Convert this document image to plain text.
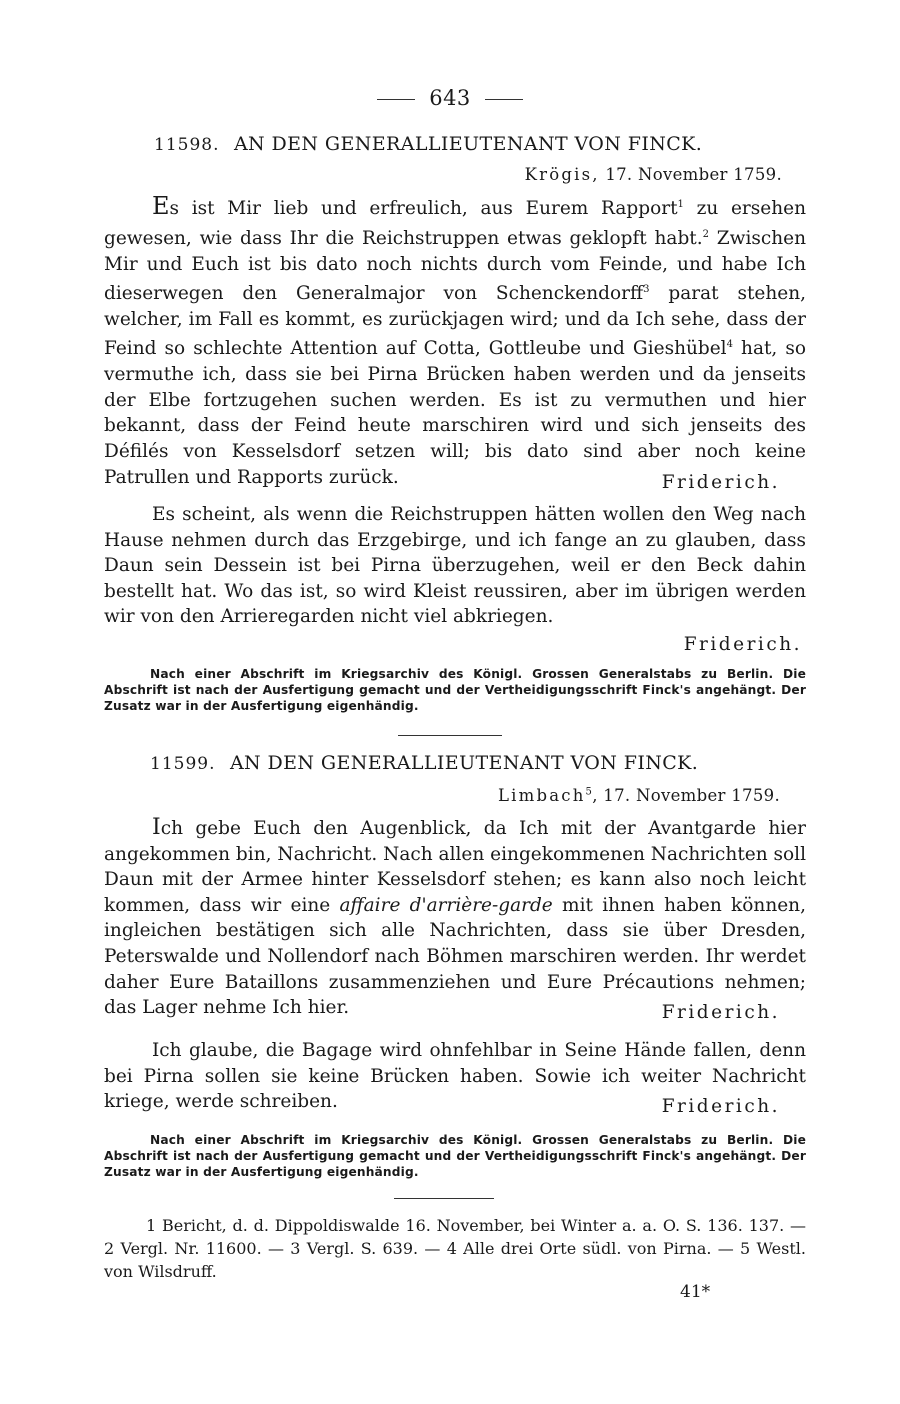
643
11598. AN DEN GENERALLIEUTENANT VON FINCK.
Krögis, 17. November 1759.
Es ist Mir lieb und erfreulich, aus Eurem Rapport$^1$ zu ersehen gewesen, wie dass Ihr die Reichstruppen etwas geklopft habt.$^2$ Zwischen Mir und Euch ist bis dato noch nichts durch vom Feinde, und habe Ich dieserwegen den Generalmajor von Schenckendorff$^3$ parat stehen, welcher, im Fall es kommt, es zurückjagen wird; und da Ich sehe, dass der Feind so schlechte Attention auf Cotta, Gottleube und Gieshübel$^4$ hat, so vermuthe ich, dass sie bei Pirna Brücken haben werden und da jenseits der Elbe fortzugehen suchen werden. Es ist zu vermuthen und hier bekannt, dass der Feind heute marschiren wird und sich jenseits des Défilés von Kesselsdorf setzen will; bis dato sind aber noch keine Patrullen und Rapports zurück.	Friderich.
Es scheint, als wenn die Reichstruppen hätten wollen den Weg nach Hause nehmen durch das Erzgebirge, und ich fange an zu glauben, dass Daun sein Dessein ist bei Pirna überzugehen, weil er den Beck dahin bestellt hat. Wo das ist, so wird Kleist reussiren, aber im übrigen werden wir von den Arrieregarden nicht viel abkriegen.
Friderich.
Nach einer Abschrift im Kriegsarchiv des Königl. Grossen Generalstabs zu Berlin. Die Abschrift ist nach der Ausfertigung gemacht und der Vertheidigungsschrift Finck's angehängt. Der Zusatz war in der Ausfertigung eigenhändig.
11599. AN DEN GENERALLIEUTENANT VON FINCK.
Limbach$^5$, 17. November 1759.
Ich gebe Euch den Augenblick, da Ich mit der Avantgarde hier angekommen bin, Nachricht. Nach allen eingekommenen Nachrichten soll Daun mit der Armee hinter Kesselsdorf stehen; es kann also noch leicht kommen, dass wir eine affaire d'arrière-garde mit ihnen haben können, ingleichen bestätigen sich alle Nachrichten, dass sie über Dresden, Peterswalde und Nollendorf nach Böhmen marschiren werden. Ihr werdet daher Eure Bataillons zusammenziehen und Eure Précautions nehmen; das Lager nehme Ich hier.	Friderich.
Ich glaube, die Bagage wird ohnfehlbar in Seine Hände fallen, denn bei Pirna sollen sie keine Brücken haben. Sowie ich weiter Nachricht kriege, werde schreiben.	Friderich.
Nach einer Abschrift im Kriegsarchiv des Königl. Grossen Generalstabs zu Berlin. Die Abschrift ist nach der Ausfertigung gemacht und der Vertheidigungsschrift Finck's angehängt. Der Zusatz war in der Ausfertigung eigenhändig.
1 Bericht, d. d. Dippoldiswalde 16. November, bei Winter a. a. O. S. 136. 137. — 2 Vergl. Nr. 11600. — 3 Vergl. S. 639. — 4 Alle drei Orte südl. von Pirna. — 5 Westl. von Wilsdruff.
41*
